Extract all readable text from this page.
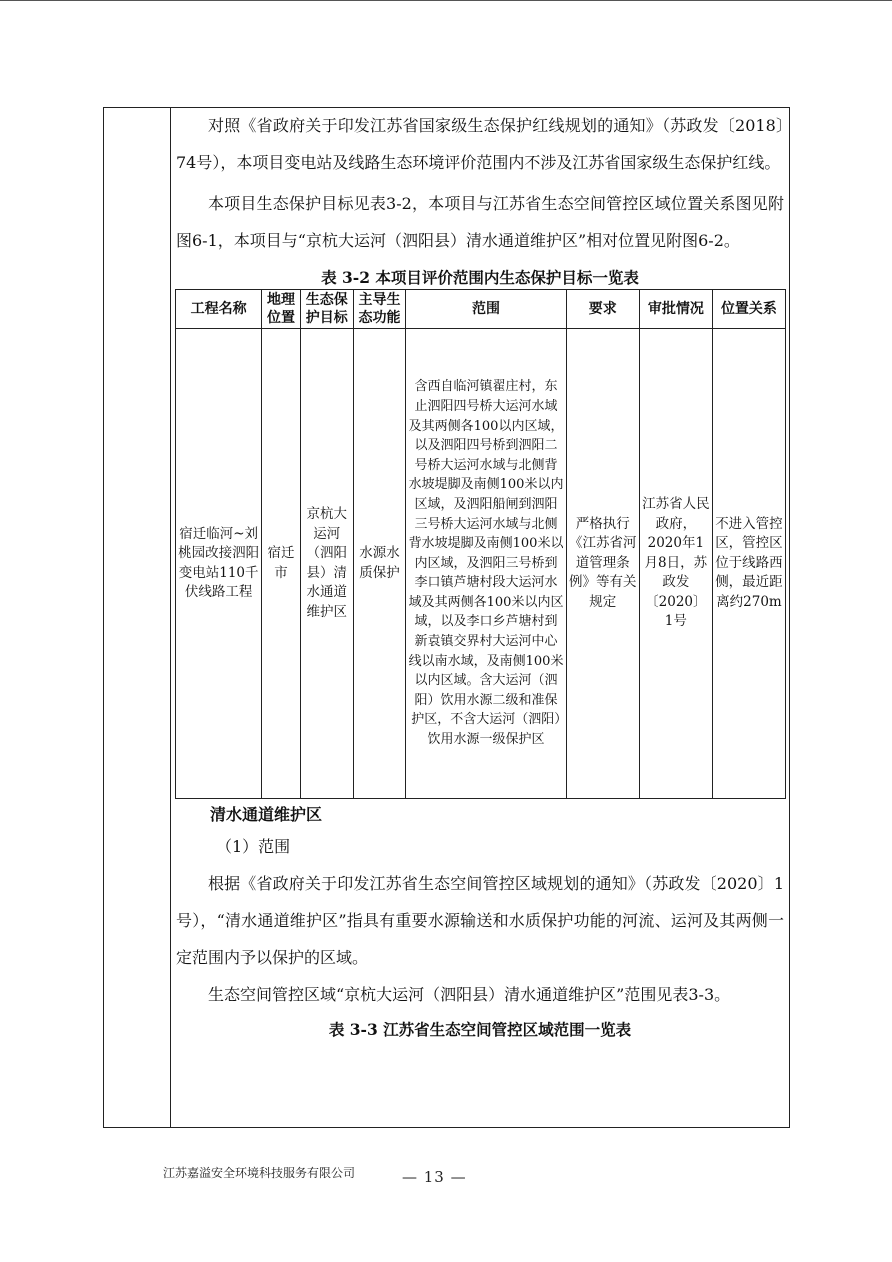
对照《省政府关于印发江苏省国家级生态保护红线规划的通知》（苏政发〔2018〕74号），本项目变电站及线路生态环境评价范围内不涉及江苏省国家级生态保护红线。

本项目生态保护目标见表3-2，本项目与江苏省生态空间管控区域位置关系图见附图6-1，本项目与“京杭大运河（泗阳县）清水通道维护区”相对位置见附图6-2。

表 3-2 本项目评价范围内生态保护目标一览表
工程名称	地理位置	生态保护目标	主导生态功能	范围	要求	审批情况	位置关系
宿迁临河~刘桃园改接泗阳变电站110千伏线路工程	宿迁市	京杭大运河（泗阳县）清水通道维护区	水源水质保护	含西自临河镇翟庄村，东止泗阳四号桥大运河水域及其两侧各100以内区域，以及泗阳四号桥到泗阳二号桥大运河水域与北侧背水坡堤脚及南侧100米以内区域，及泗阳船闸到泗阳三号桥大运河水域与北侧背水坡堤脚及南侧100米以内区域，及泗阳三号桥到李口镇芦塘村段大运河水域及其两侧各100米以内区域，以及李口乡芦塘村到新袁镇交界村大运河中心线以南水域，及南侧100米以内区域。含大运河（泗阳）饮用水源二级和准保护区，不含大运河（泗阳）饮用水源一级保护区	严格执行《江苏省河道管理条例》等有关规定	江苏省人民政府，2020年1月8日，苏政发〔2020〕1号	不进入管控区，管控区位于线路西侧，最近距离约270m
清水通道维护区
（1）范围

根据《省政府关于印发江苏省生态空间管控区域规划的通知》（苏政发〔2020〕1号），“清水通道维护区”指具有重要水源输送和水质保护功能的河流、运河及其两侧一定范围内予以保护的区域。

生态空间管控区域“京杭大运河（泗阳县）清水通道维护区”范围见表3-3。

表 3-3 江苏省生态空间管控区域范围一览表
江苏嘉溢安全环境科技服务有限公司	— 13 —
